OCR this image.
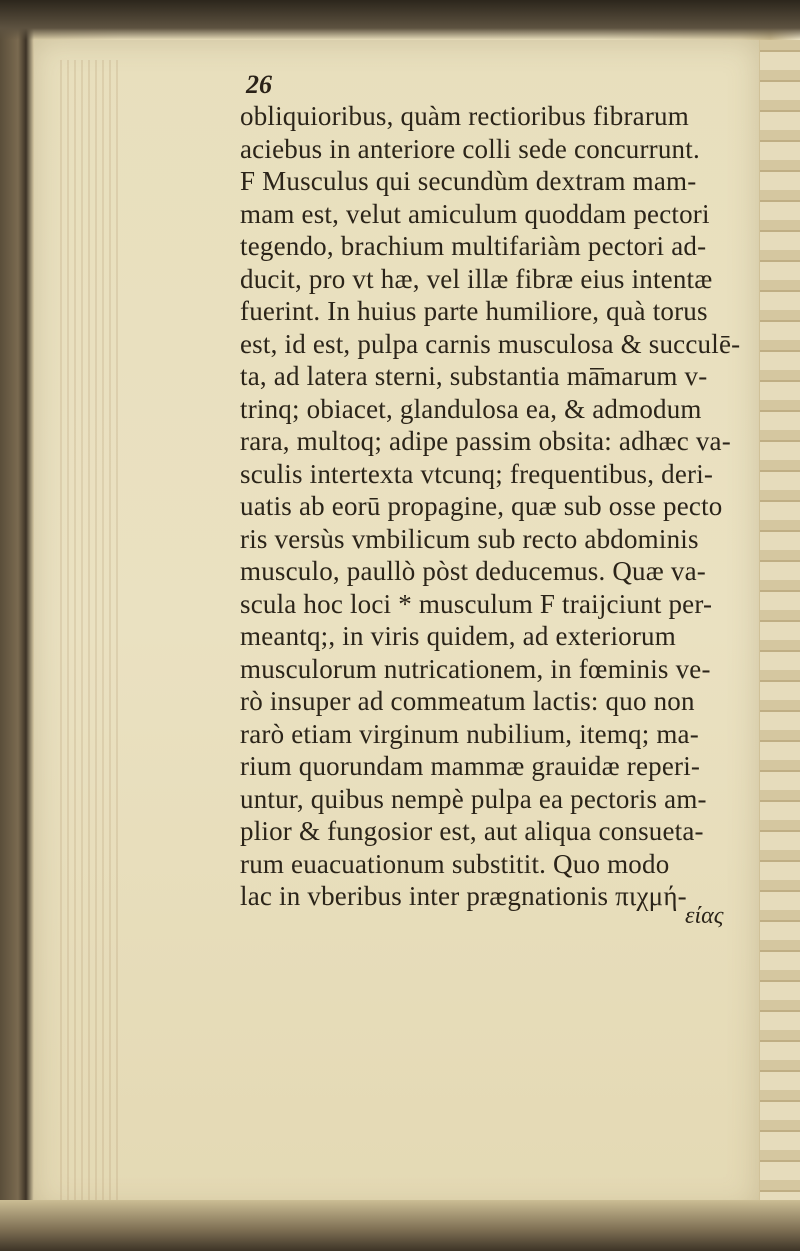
26
obliquioribus, quàm rectioribus fibrarum
aciebus in anteriore colli sede concurrunt.
F Musculus qui secundùm dextram mam-
mam est, velut amiculum quoddam pectori
tegendo, brachium multifariàm pectori ad-
ducit, pro vt hæ, vel illæ fibræ eius intentæ
fuerint. In huius parte humiliore, quà torus
est, id est, pulpa carnis musculosa & succulē-
ta, ad latera sterni, substantia mā̄marum v-
trinq; obiacet, glandulosa ea, & admodum
rara, multoq; adipe passim obsita: adhæc va-
sculis intertexta vtcunq; frequentibus, deri-
uatis ab eorū propagine, quæ sub osse pecto
ris versùs vmbilicum sub recto abdominis
musculo, paullò pòst deducemus. Quæ va-
scula hoc loci * musculum F traijciunt per-
meantq;, in viris quidem, ad exteriorum
musculorum nutricationem, in fœminis ve-
rò insuper ad commeatum lactis: quo non
rarò etiam virginum nubilium, itemq; ma-
rium quorundam mammæ grauidæ reperi-
untur, quibus nempè pulpa ea pectoris am-
plior & fungosior est, aut aliqua consueta-
rum euacuationum substitit. Quo modo
lac in vberibus inter prægnationis πιχμή-
είας
